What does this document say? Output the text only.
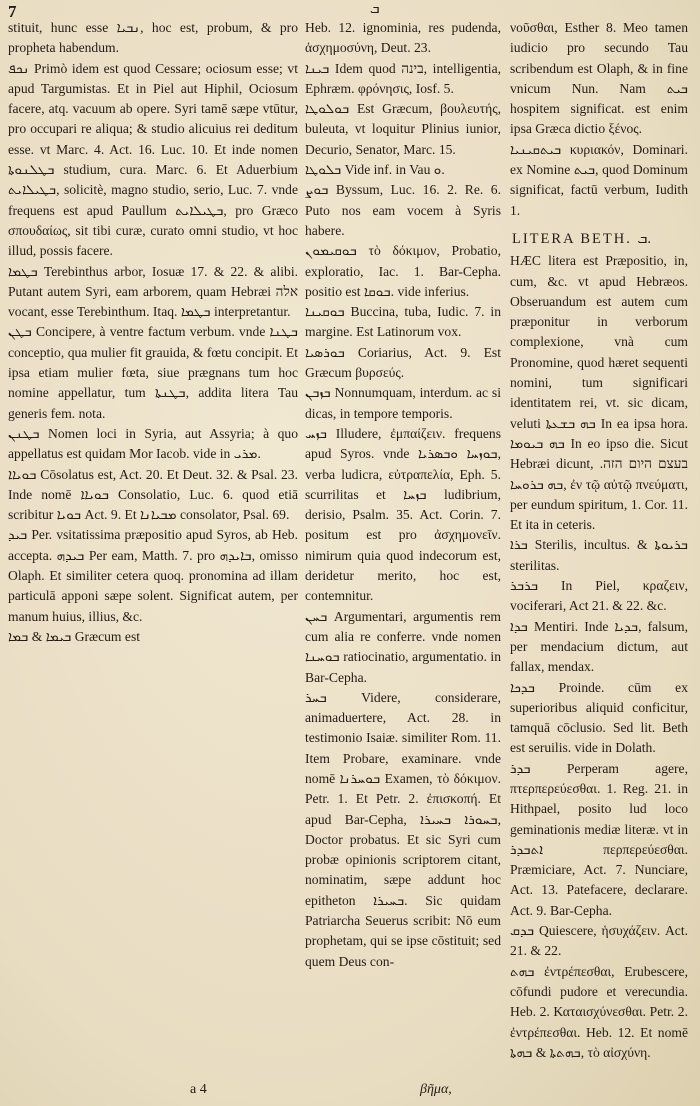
7	ܒ

stituit, hunc esse ܢܒܝܐ, hoc est, probum, & pro propheta habendum.

ܢܟܦ Primò idem est quod Cessare; ociosum esse; vt apud Targumistas. Et in Piel aut Hiphil, Ociosum facere, atq. vacuum ab opere. Syri tamē sæpe vtūtur, pro occupari re aliqua; & studio alicuius rei deditum esse. vt Marc. 4. Act. 16. Luc. 10. Et inde nomen ܒܛܠܢܘܬܐ studium, cura. Marc. 6. Et Aduerbium ܒܛܝܠܐܝܬ, solicitè, magno studio, serio, Luc. 7. vnde frequens est apud Paullum ܒܛܝܠܐܝܬ, pro Græco σπουδαίως, sit tibi curæ, curato omni studio, vt hoc illud, possis facere.

ܒܛܡܐ Terebinthus arbor, Iosuæ 17. & 22. & alibi. Putant autem Syri, eam arborem, quam Hebræi אלה vocant, esse Terebinthum. Itaq. ܒܛܡܐ interpretantur.

ܒܛܢ Concipere, à ventre factum verbum. vnde ܒܛܢܐ conceptio, qua mulier fit grauida, & fœtu concipit. Et ipsa etiam mulier fœta, siue prægnans tum hoc nomine appellatur, tum ܒܛܢܬܐ, addita litera Tau generis fem. nota.

ܒܛܢܢ Nomen loci in Syria, aut Assyria; à quo appellatus est quidam Mor Iacob. vide in ܡܪܝ.

ܒܘܝܐܐ Cōsolatus est, Act. 20. Et Deut. 32. & Psal. 23. Inde nomē ܒܘܝܐܐ Consolatio, Luc. 6. quod etiā scribitur ܒܘܝܐ Act. 9. Et ܡܒܝܐܢܐ consolator, Psal. 69.

ܒܝܕ Per. vsitatissima præpositio apud Syros, ab Heb. accepta. ܒܝܕܗ Per eam, Matth. 7. pro ܒܐܝܕܗ, omisso Olaph. Et similiter cetera quoq. pronomina ad illam particulā apponi sæpe solent. Significat autem, per manum huius, illius, &c.

ܒܝܡܐ & ܒܡܐ Græcum est

Heb. 12. ignominia, res pudenda, ἀσχημοσύνη, Deut. 23.

ܒܝܢܐ Idem quod בינה, intelligentia, Ephræm. φρόνησις, Iosf. 5.

ܒܘܠܘܛܐ Est Græcum, βουλευτής, buleuta, vt loquitur Plinius iunior, Decurio, Senator, Marc. 15.

ܒܠܘܛܐ Vide inf. in Vau ܘ.

ܒܘܨ Byssum, Luc. 16. 2. Re. 6. Puto nos eam vocem à Syris habere.

ܒܘܩܝܡܘܢ τὸ δόκιμον, Probatio, exploratio, Iac. 1. Bar-Cepha. positio est ܒܘܩܐ. vide inferius.

ܒܘܩܝܢܐ Buccina, tuba, Iudic. 7. in margine. Est Latinorum vox.

ܒܘܪܣܝܐ Coriarius, Act. 9. Est Græcum βυρσεύς.

ܒܙܒܢ Nonnumquam, interdum. ac si dicas, in tempore temporis.

ܒܙܚ Illudere, ἐμπαίζειν. frequens apud Syros. vnde ܒܘܙܚܐ ܘܒܣܪܝܐ, verba ludicra, εὐτραπελία, Eph. 5. scurrilitas et ܒܙܚܐ ludibrium, derisio, Psalm. 35. Act. Corin. 7. positum est pro ἀσχημονεῖν. nimirum quia quod indecorum est, deridetur merito, hoc est, contemnitur.

ܒܚܢ Argumentari, argumentis rem cum alia re conferre. vnde nomen ܒܘܚܢܐ ratiocinatio, argumentatio. in Bar-Cepha.

ܒܚܪ Videre, considerare, animaduertere, Act. 28. in testimonio Isaiæ. similiter Rom. 11. Item Probare, examinare. vnde nomē ܒܘܚܪܢܐ Examen, τὸ δόκιμον. Petr. 1. Et Petr. 2. ἐπισκοπή. Et apud Bar-Cepha, ܒܚܘܪܐ ܒܚܝܪܐ, Doctor probatus. Et sic Syri cum probæ opinionis scriptorem citant, nominatim, sæpe addunt hoc epitheton ܒܚܝܪܐ. Sic quidam Patriarcha Seuerus scribit: Nō eum prophetam, qui se ipse cōstituit; sed quem Deus con-

νοῦσθαι, Esther 8. Meo tamen iudicio pro secundo Tau scribendum est Olaph, & in fine vnicum Nun. Nam ܒܝܬ hospitem significat. est enim ipsa Græca dictio ξένος.

ܒܝܬܩܝܢܝܐ κυριακόν, Dominari. ex Nomine ܒܝܬ, quod Dominum significat, factū verbum, Iudith 1.

LITERA BETH. ܒ.

HÆC litera est Præpositio, in, cum, &c. vt apud Hebræos. Obseruandum est autem cum præponitur in verborum complexione, vnà cum Pronomine, quod hæret sequenti nomini, tum significari identitatem rei, vt. sic dicam, veluti ܒܗ ܒܫܥܬܐ In ea ipsa hora. ܒܗ ܒܝܘܡܐ In eo ipso die. Sicut Hebræi dicunt, בעצם היום הזה. ܒܗ ܒܪܘܚܐ, ἐν τῷ αὐτῷ πνεύματι, per eundum spiritum, 1. Cor. 11. Et ita in ceteris.

ܒܪܐ Sterilis, incultus. & ܒܪܝܘܬܐ sterilitas.

ܒܪܒܪ In Piel, κραζειν, vociferari, Act 21. & 22. &c.

ܒܕܐ Mentiri. Inde ܒܕܝܐ, falsum, per mendacium dictum, aut fallax, mendax.

ܒܕܟܐ Proinde. cūm ex superioribus aliquid conficitur, tamquā cōclusio. Sed lit. Beth est seruilis. vide in Dolath.

ܒܕܪ Perperam agere, πτερπερεύεσθαι. 1. Reg. 21. in Hithpael, posito lud loco geminationis mediæ literæ. vt in ܐܬܒܕܪ περπερεύεσθαι. Præmiciare, Act. 7. Nunciare, Act. 13. Patefacere, declarare. Act. 9. Bar-Cepha.

ܒܕܩ Quiescere, ἡσυχάζειν. Act. 21. & 22.

ܒܗܬ ἐντρέπεσθαι, Erubescere, cōfundi pudore et verecundia. Heb. 2. Καταισχύνεσθαι. Petr. 2. ἐντρέπεσθαι. Heb. 12. Et nomē ܒܗܬܬܐ & ܒܗܬܐ, τὸ αἰσχύνη.

a 4	βῆμα,
